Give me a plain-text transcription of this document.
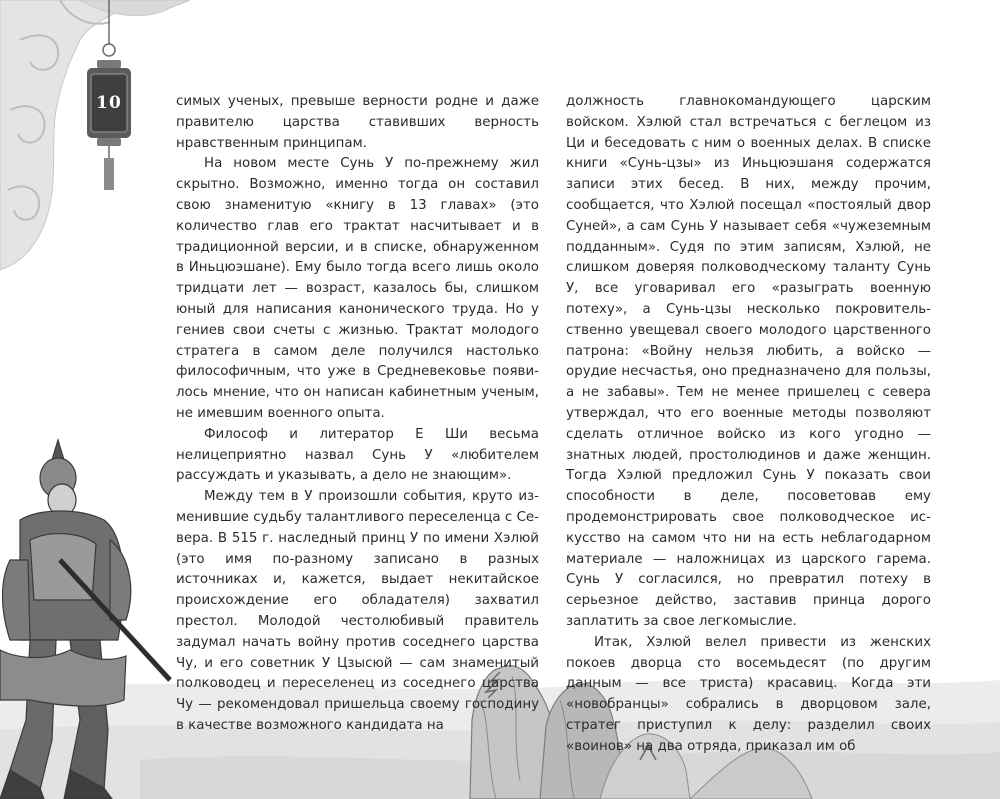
10	симых ученых, превыше верности родне и даже правителю царства ставивших верность нравственным принципам.

На новом месте Сунь У по-прежнему жил скрытно. Возможно, именно тогда он составил свою знаменитую «книгу в 13 главах» (это количество глав его трактат насчитывает и в традиционной версии, и в списке, обнаруженном в Иньцюэшане). Ему было тогда всего лишь около тридцати лет — возраст, казалось бы, слишком юный для написания канонического труда. Но у гениев свои счеты с жизнью. Трактат молодого стратега в самом деле получился настолько философичным, что уже в Средневековье появилось мнение, что он написан кабинетным ученым, не имевшим военного опыта.

Философ и литератор Е Ши весьма нелицеприятно назвал Сунь У «любителем рассуждать и указывать, а дело не знающим».

Между тем в У произошли события, круто изменившие судьбу талантливого переселенца с Севера. В 515 г. наследный принц У по имени Хэлюй (это имя по-разному записано в разных источниках и, кажется, выдает некитайское происхождение его обладателя) захватил престол. Молодой честолюбивый правитель задумал начать войну против соседнего царства Чу, и его советник У Цзысюй — сам знаменитый полководец и переселенец из соседнего царства Чу — рекомендовал пришельца своему господину в качестве возможного кандидата на

должность главнокомандующего царским войском. Хэлюй стал встречаться с беглецом из Ци и беседовать с ним о военных делах. В списке книги «Сунь-цзы» из Иньцюэшаня содержатся записи этих бесед. В них, между прочим, сообщается, что Хэлюй посещал «постоялый двор Суней», а сам Сунь У называет себя «чужеземным подданным». Судя по этим записям, Хэлюй, не слишком доверяя полководческому таланту Сунь У, все уговаривал его «разыграть военную потеху», а Сунь-цзы несколько покровительственно увещевал своего молодого царственного патрона: «Войну нельзя любить, а войско — орудие несчастья, оно предназначено для пользы, а не забавы». Тем не менее пришелец с севера утверждал, что его военные методы позволяют сделать отличное войско из кого угодно — знатных людей, простолюдинов и даже женщин. Тогда Хэлюй предложил Сунь У показать свои способности в деле, посоветовав ему продемонстрировать свое полководческое искусство на самом что ни на есть неблагодарном материале — наложницах из царского гарема. Сунь У согласился, но превратил потеху в серьезное действо, заставив принца дорого заплатить за свое легкомыслие.

Итак, Хэлюй велел привести из женских покоев дворца сто восемьдесят (по другим данным — все триста) красавиц. Когда эти «новобранцы» собрались в дворцовом зале, стратег приступил к делу: разделил своих «воинов» на два отряда, приказал им об
